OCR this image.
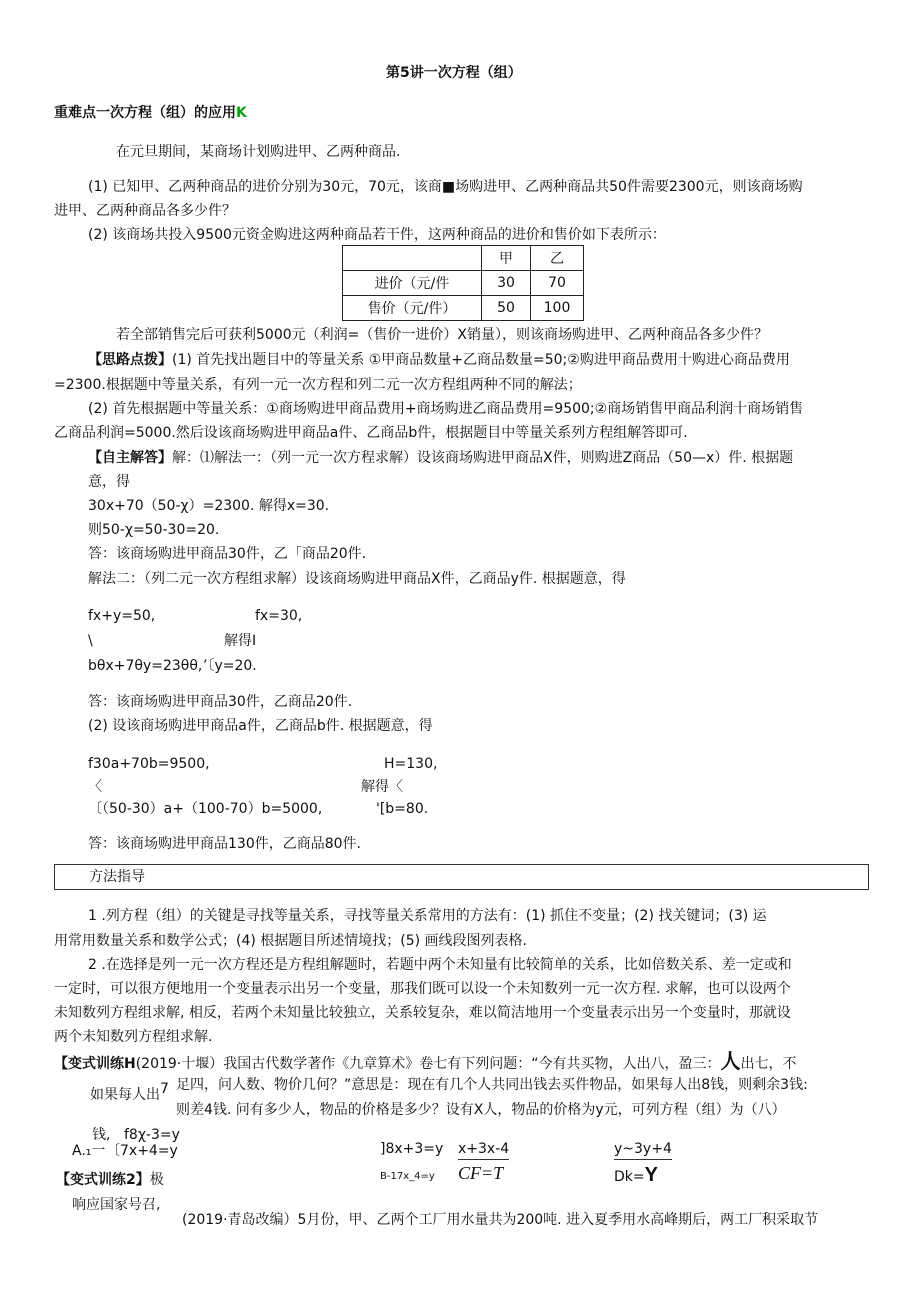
第5讲一次方程（组）
重难点一次方程（组）的应用K
在元旦期间，某商场计划购进甲、乙两种商品.
(1) 已知甲、乙两种商品的进价分别为30元，70元，该商■场购进甲、乙两种商品共50件需要2300元，则该商场购
进甲、乙两种商品各多少件？
(2) 该商场共投入9500元资金购进这两种商品若干件，这两种商品的进价和售价如下表所示：
	甲	乙
进价（元/件	30	70
售价（元/件）	50	100
若全部销售完后可获利5000元（利润=（售价一进价）X销量），则该商场购进甲、乙两种商品各多少件？
【思路点拨】(1) 首先找出题目中的等量关系 ①甲商品数量+乙商品数量=50;②购进甲商品费用十购进心商品费用
=2300.根据题中等量关系，有列一元一次方程和列二元一次方程组两种不同的解法；
(2) 首先根据题中等量关系：①商场购进甲商品费用+商场购进乙商品费用=9500;②商场销售甲商品利润十商场销售
乙商品利润=5000.然后设该商场购进甲商品a件、乙商品b件，根据题目中等量关系列方程组解答即可.
【自主解答】解：⑴解法一：（列一元一次方程求解）设该商场购进甲商品X件，则购进Z商品（50—x）件. 根据题
意，得
30x+70（50-χ）=2300. 解得x=30.
则50-χ=50-30=20.
答：该商场购进甲商品30件，乙「商品20件.
解法二：（列二元一次方程组求解）设该商场购进甲商品X件，乙商品y件. 根据题意，得
fx+y=50,
\
bθx+7θy=23θθ,
fx=30,
解得I
’〔y=20.
答：该商场购进甲商品30件，乙商品20件.
(2) 设该商场购进甲商品a件，乙商品b件. 根据题意，得
f30a+70b=9500,
〈
〔（50-30）a+（100-70）b=5000,
H=130,
解得〈
'[b=80.
答：该商场购进甲商品130件，乙商品80件.
方法指导
1 .列方程（组）的关键是寻找等量关系，寻找等量关系常用的方法有：(1) 抓住不变量；(2) 找关键词；(3) 运
用常用数量关系和数学公式；(4) 根据题目所述情境找；(5) 画线段图列表格.
2 .在选择是列一元一次方程还是方程组解题时，若题中两个未知量有比较简单的关系，比如倍数关系、差一定或和
一定时，可以很方便地用一个变量表示出另一个变量，那我们既可以设一个未知数列一元一次方程. 求解，也可以设两个
未知数列方程组求解, 相反，若两个未知量比较独立，关系较复杂，难以简洁地用一个变量表示出另一个变量时，那就设
两个未知数列方程组求解.
【变式训练H(2019·十堰）我国古代数学著作《九章算术》卷七有下列问题：“今有共买物，人出八，盈三：人出七，不
如果每人出7 足四，问人数、物价几何？”意思是：现在有几个人共同出钱去买件物品，如果每人出8钱，则剩余3钱:
则差4钱. 问有多少人，物品的价格是多少？设有X人，物品的价格为y元，可列方程（组）为（八）
钱, f8χ-3=y
A.₁一 〔7x+4=y	]8x+3=y
B-17x_4=y
x+3x-4
CF=T
y~3y+4
Dk=Y
【变式训练2】极
响应国家号召,
(2019·青岛改编）5月份，甲、乙两个工厂用水量共为200吨. 进入夏季用水高峰期后，两工厂积采取节
